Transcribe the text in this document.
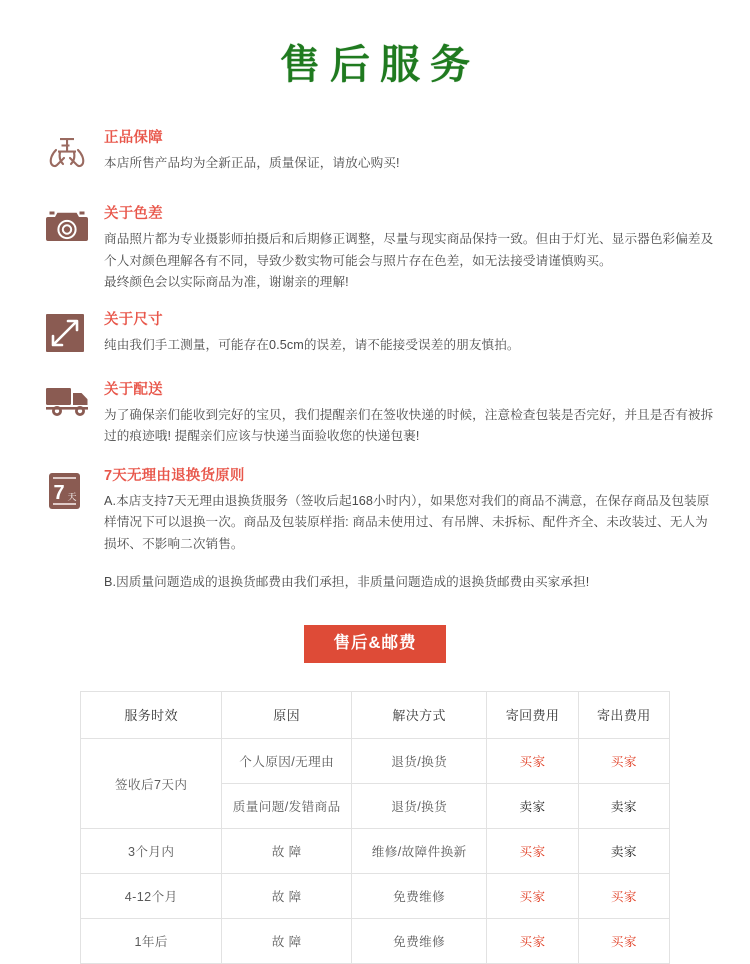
售后服务
正品保障

本店所售产品均为全新正品，质量保证，请放心购买!

关于色差

商品照片都为专业摄影师拍摄后和后期修正调整，尽量与现实商品保持一致。但由于灯光、显示器色彩偏差及个人对颜色理解各有不同，导致少数实物可能会与照片存在色差，如无法接受请谨慎购买。

最终颜色会以实际商品为准，谢谢亲的理解!

关于尺寸

纯由我们手工测量，可能存在0.5cm的误差，请不能接受误差的朋友慎拍。

关于配送

为了确保亲们能收到完好的宝贝，我们提醒亲们在签收快递的时候，注意检查包装是否完好，并且是否有被拆过的痕迹哦! 提醒亲们应该与快递当面验收您的快递包裹!

7 天
7天无理由退换货原则

A.本店支持7天无理由退换货服务（签收后起168小时内），如果您对我们的商品不满意，在保存商品及包装原样情况下可以退换一次。商品及包装原样指: 商品未使用过、有吊牌、未拆标、配件齐全、未改装过、无人为损坏、不影响二次销售。

B.因质量问题造成的退换货邮费由我们承担，非质量问题造成的退换货邮费由买家承担!

售后&邮费
服务时效	原因	解决方式	寄回费用	寄出费用
签收后7天内	个人原因/无理由	退货/换货	买家	买家
	质量问题/发错商品	退货/换货	卖家	卖家
3个月内	故 障	维修/故障件换新	买家	卖家
4-12个月	故 障	免费维修	买家	买家
1年后	故 障	免费维修	买家	买家
